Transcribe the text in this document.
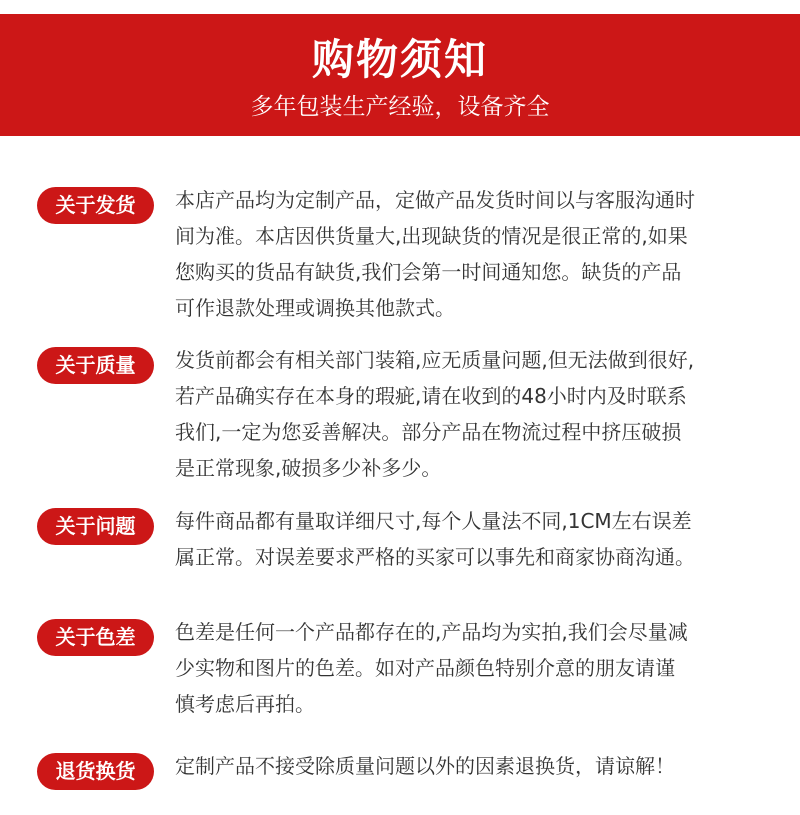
购物须知
多年包装生产经验，设备齐全
关于发货	本店产品均为定制产品，定做产品发货时间以与客服沟通时
间为准。本店因供货量大,出现缺货的情况是很正常的,如果
您购买的货品有缺货,我们会第一时间通知您。缺货的产品
可作退款处理或调换其他款式。
关于质量	发货前都会有相关部门装箱,应无质量问题,但无法做到很好,
若产品确实存在本身的瑕疵,请在收到的48小时内及时联系
我们,一定为您妥善解决。部分产品在物流过程中挤压破损
是正常现象,破损多少补多少。
关于问题	每件商品都有量取详细尺寸,每个人量法不同,1CM左右误差
属正常。对误差要求严格的买家可以事先和商家协商沟通。
关于色差	色差是任何一个产品都存在的,产品均为实拍,我们会尽量减
少实物和图片的色差。如对产品颜色特别介意的朋友请谨
慎考虑后再拍。
退货换货	定制产品不接受除质量问题以外的因素退换货，请谅解！
